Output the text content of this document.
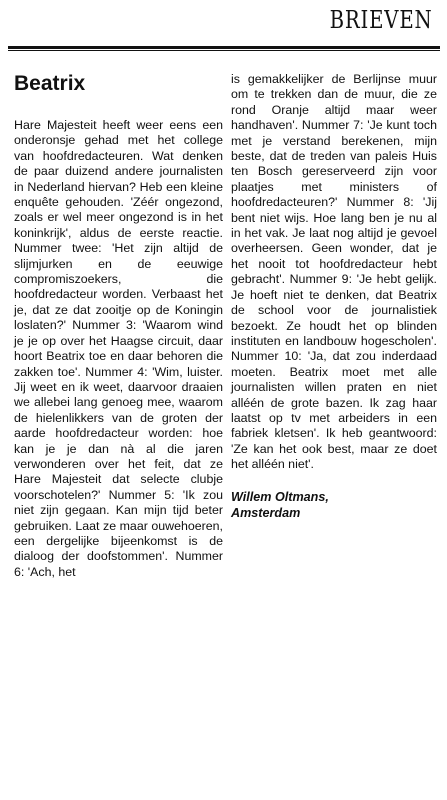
BRIEVEN
Beatrix

Hare Majesteit heeft weer eens een onderonsje gehad met het college van hoofdredacteuren. Wat denken de paar duizend andere journalisten in Nederland hiervan? Heb een kleine enquête gehouden. 'Zéér ongezond, zoals er wel meer ongezond is in het koninkrijk', aldus de eerste reactie. Nummer twee: 'Het zijn altijd de slijmjurken en de eeuwige compromiszoekers, die hoofdredacteur worden. Verbaast het je, dat ze dat zooitje op de Koningin loslaten?' Nummer 3: 'Waarom wind je je op over het Haagse circuit, daar hoort Beatrix toe en daar behoren die zakken toe'. Nummer 4: 'Wim, luister. Jij weet en ik weet, daarvoor draaien we allebei lang genoeg mee, waarom de hielenlikkers van de groten der aarde hoofdredacteur worden: hoe kan je je dan nà al die jaren verwonderen over het feit, dat ze Hare Majesteit dat selecte clubje voorschotelen?' Nummer 5: 'Ik zou niet zijn gegaan. Kan mijn tijd beter gebruiken. Laat ze maar ouwehoeren, een dergelijke bijeenkomst is de dialoog der doofstommen'. Nummer 6: 'Ach, het

is gemakkelijker de Berlijnse muur om te trekken dan de muur, die ze rond Oranje altijd maar weer handhaven'. Nummer 7: 'Je kunt toch met je verstand berekenen, mijn beste, dat de treden van paleis Huis ten Bosch gereserveerd zijn voor plaatjes met ministers of hoofdredacteuren?' Nummer 8: 'Jij bent niet wijs. Hoe lang ben je nu al in het vak. Je laat nog altijd je gevoel overheersen. Geen wonder, dat je het nooit tot hoofdredacteur hebt gebracht'. Nummer 9: 'Je hebt gelijk. Je hoeft niet te denken, dat Beatrix de school voor de journalistiek bezoekt. Ze houdt het op blinden instituten en landbouw hogescholen'. Nummer 10: 'Ja, dat zou inderdaad moeten. Beatrix moet met alle journalisten willen praten en niet alléén de grote bazen. Ik zag haar laatst op tv met arbeiders in een fabriek kletsen'. Ik heb geantwoord: 'Ze kan het ook best, maar ze doet het alléén niet'.

Willem Oltmans,
Amsterdam
